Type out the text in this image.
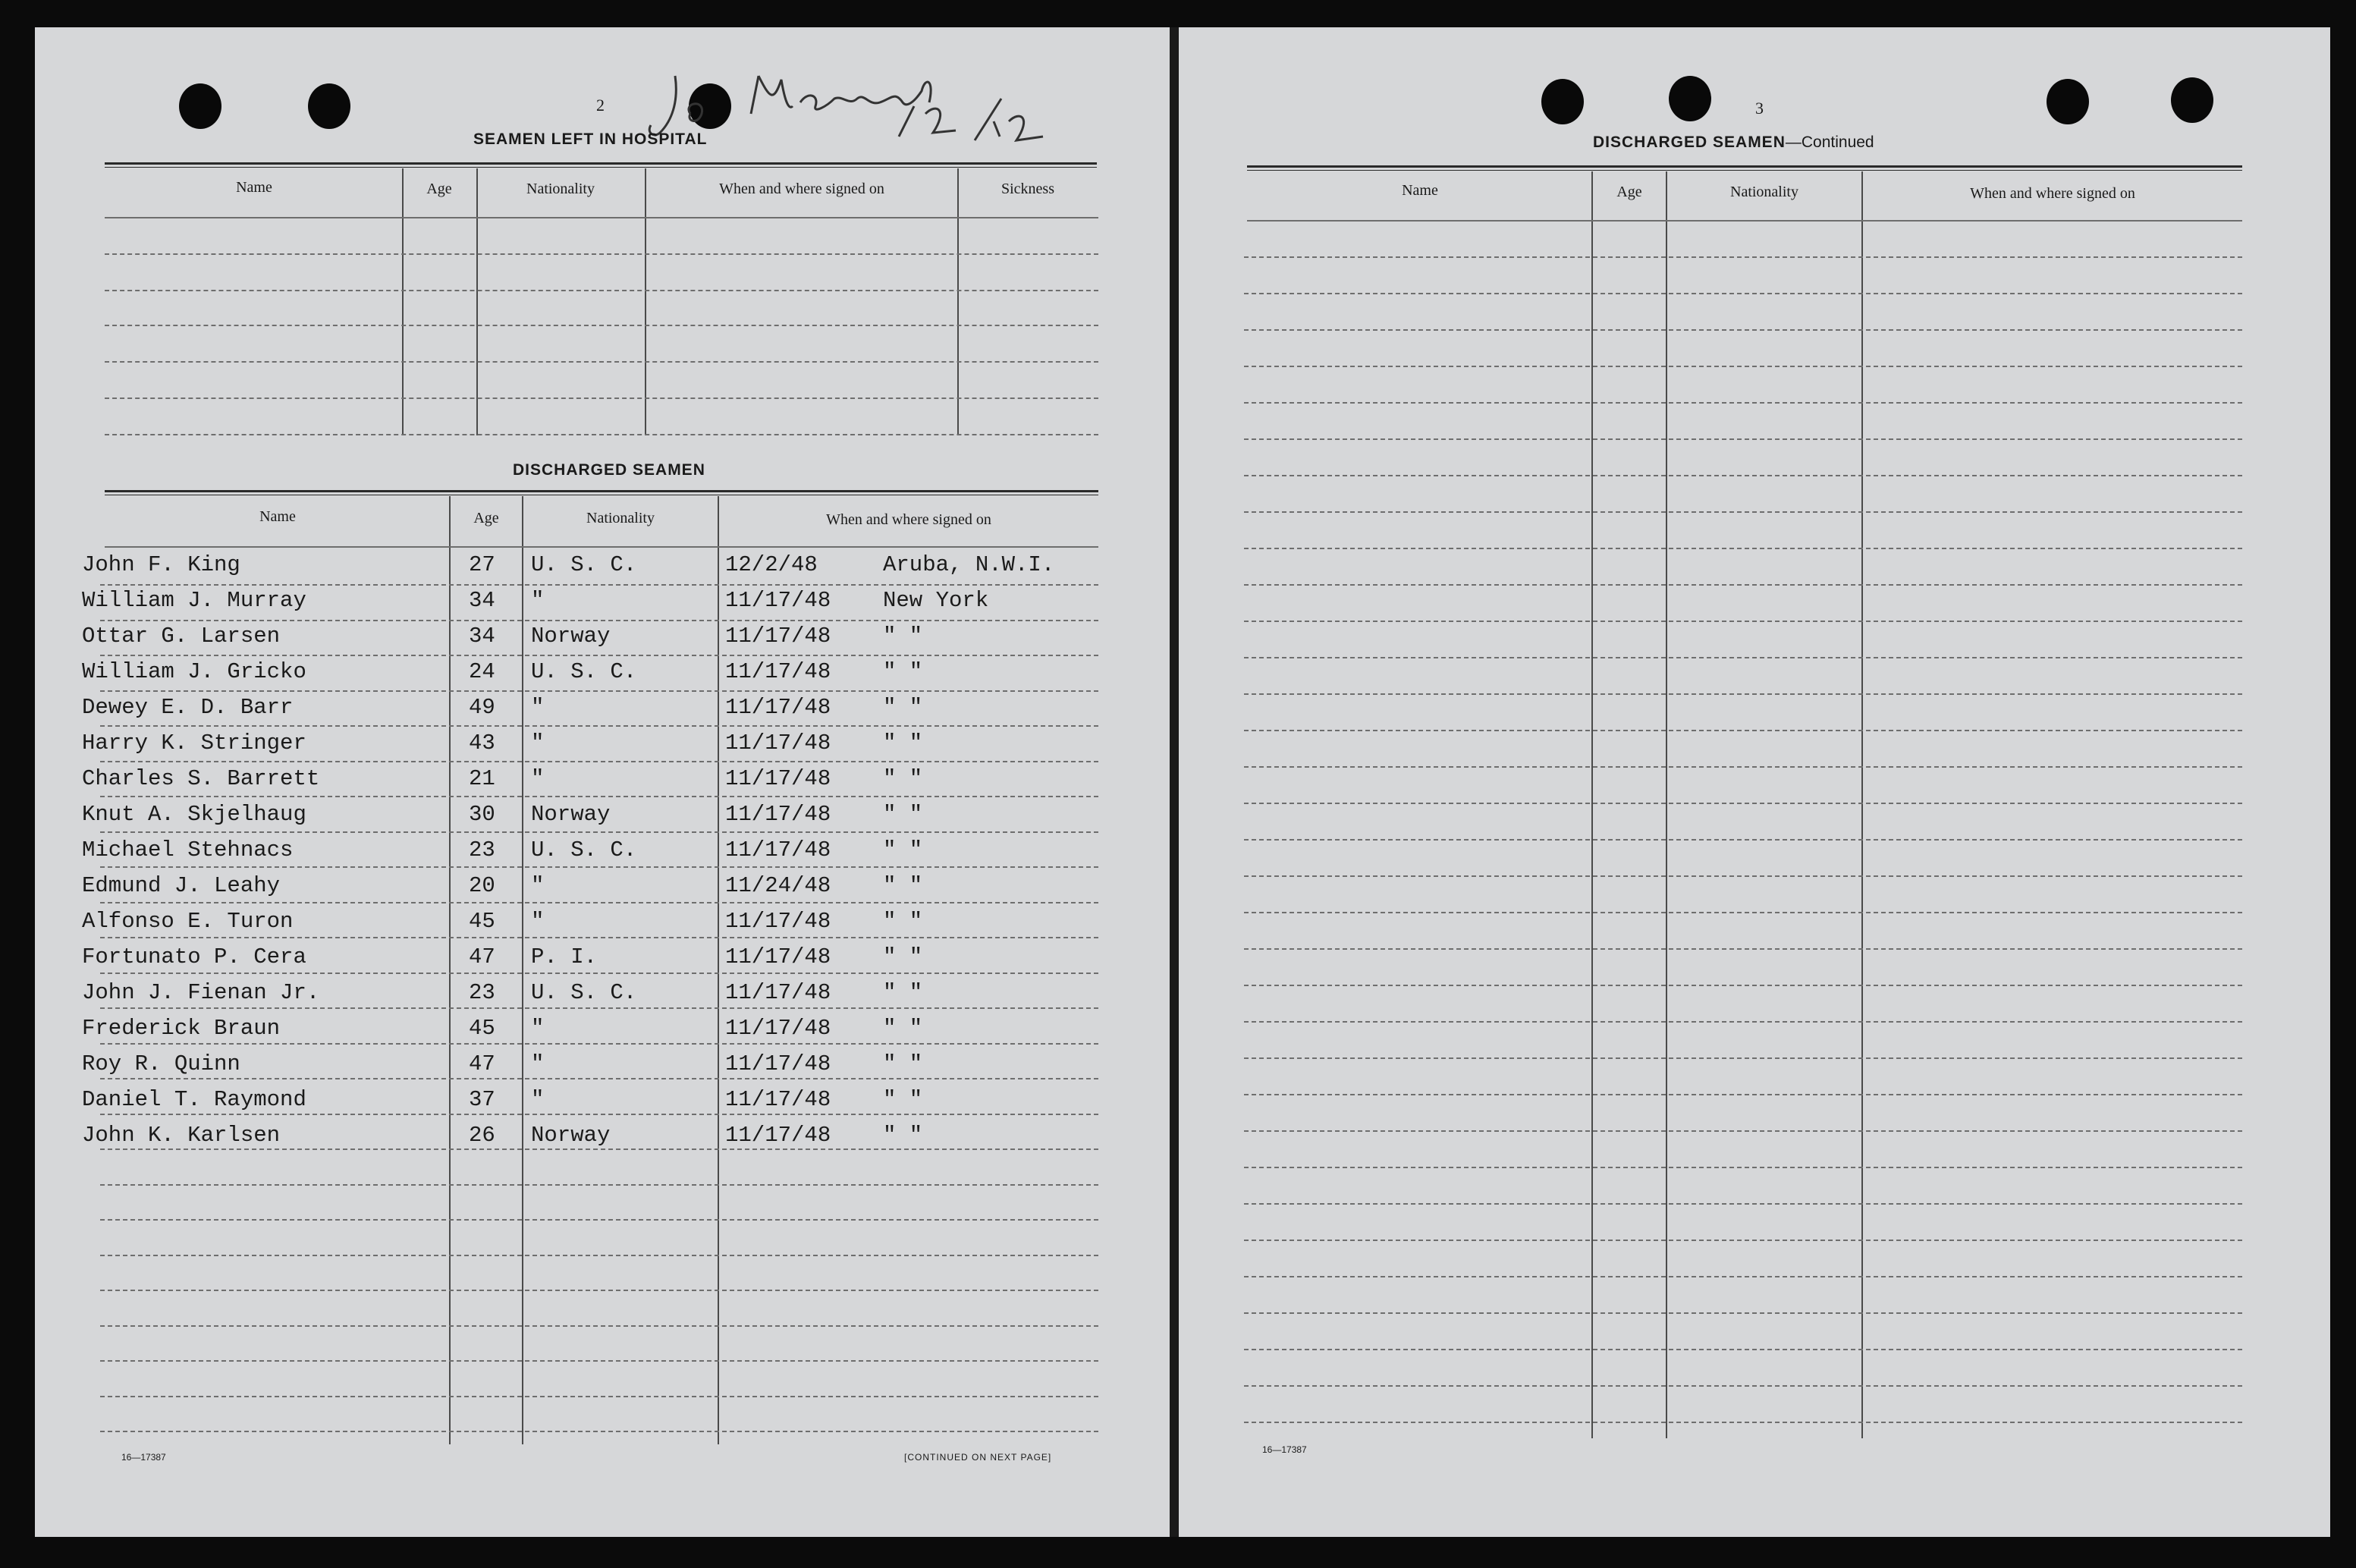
2
SEAMEN LEFT IN HOSPITAL
Name	Age	Nationality	When and where signed on	Sickness
DISCHARGED SEAMEN
Name	Age	Nationality	When and where signed on
John F. King	27 U. S. C.	12/2/48	Aruba, N.W.I.
William J. Murray	34 "	11/17/48 New York
Ottar G. Larsen	34 Norway	11/17/48 " "
William J. Gricko	24 U. S. C.	11/17/48 " "
Dewey E. D. Barr	49 "	11/17/48 " "
Harry K. Stringer	43 "	11/17/48 " "
Charles S. Barrett	21 "	11/17/48 " "
Knut A. Skjelhaug	30 Norway	11/17/48 " "
Michael Stehnacs	23 U. S. C.	11/17/48 " "
Edmund J. Leahy	20 "	11/24/48 " "
Alfonso E. Turon	45 "	11/17/48 " "
Fortunato P. Cera	47 P. I.	11/17/48 " "
John J. Fienan Jr.	23 U. S. C.	11/17/48 " "
Frederick Braun	45 "	11/17/48 " "
Roy R. Quinn	47 "	11/17/48 " "
Daniel T. Raymond	37 "	11/17/48 " "
John K. Karlsen	26 Norway	11/17/48 " "
16—17387	[CONTINUED ON NEXT PAGE]
3
DISCHARGED SEAMEN—Continued
Name	Age	Nationality	When and where signed on
16—17387
